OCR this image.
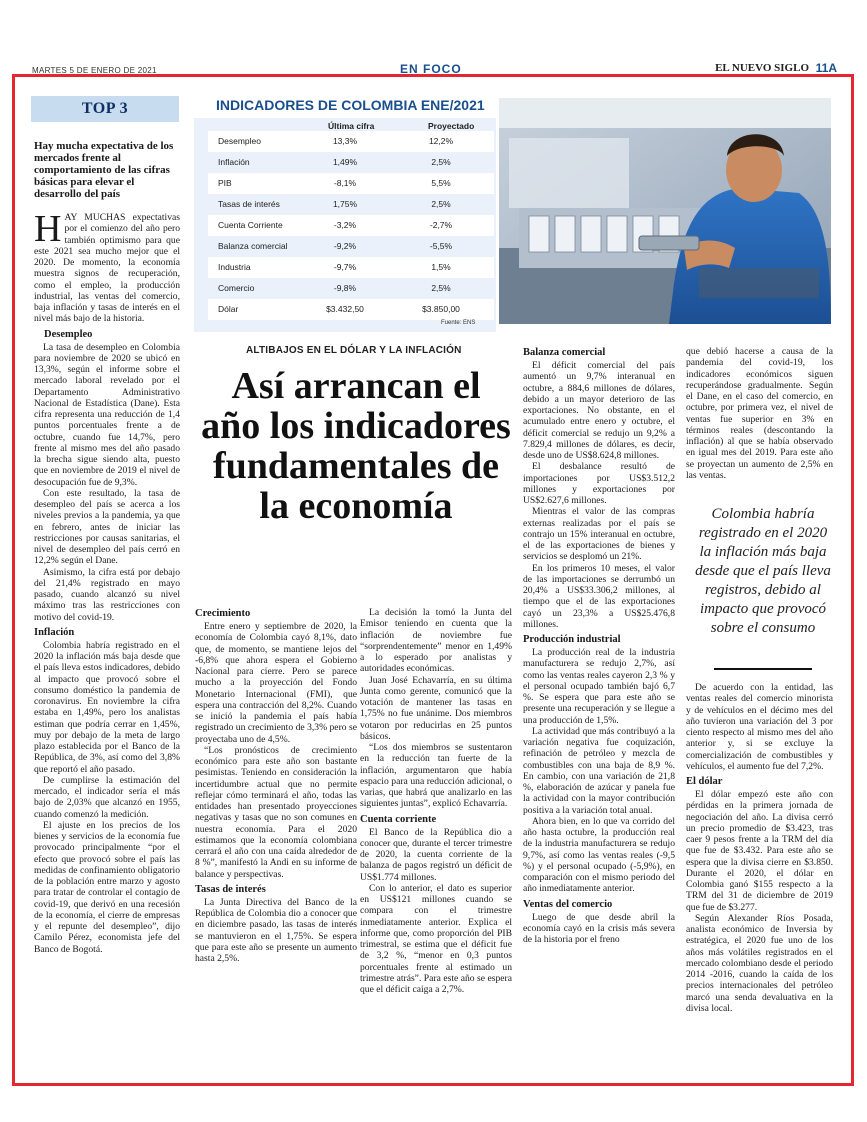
MARTES 5 DE ENERO DE 2021	EN FOCO	EL NUEVO SIGLO 11A
TOP 3
Hay mucha expectativa de los mercados frente al comportamiento de las cifras básicas para elevar el desarrollo del país

HAY MUCHAS expectativas por el comienzo del año pero también optimismo para que este 2021 sea mucho mejor que el 2020. De momento, la economía muestra signos de recuperación, como el empleo, la producción industrial, las ventas del comercio, baja inflación y tasas de interés en el nivel más bajo de la historia.

Desempleo

La tasa de desempleo en Colombia para noviembre de 2020 se ubicó en 13,3%, según el informe sobre el mercado laboral revelado por el Departamento Administrativo Nacional de Estadística (Dane). Esta cifra representa una reducción de 1,4 puntos porcentuales frente a de octubre, cuando fue 14,7%, pero frente al mismo mes del año pasado la brecha sigue siendo alta, puesto que en noviembre de 2019 el nivel de desocupación fue de 9,3%.

Con este resultado, la tasa de desempleo del país se acerca a los niveles previos a la pandemia, ya que en febrero, antes de iniciar las restricciones por causas sanitarias, el nivel de desempleo del país cerró en 12,2% según el Dane.

Asimismo, la cifra está por debajo del 21,4% registrado en mayo pasado, cuando alcanzó su nivel máximo tras las restricciones con motivo del covid-19.

Inflación

Colombia habría registrado en el 2020 la inflación más baja desde que el país lleva estos indicadores, debido al impacto que provocó sobre el consumo doméstico la pandemia de coronavirus. En noviembre la cifra estaba en 1,49%, pero los analistas estiman que podría cerrar en 1,45%, muy por debajo de la meta de largo plazo establecida por el Banco de la República, de 3%, así como del 3,8% que reportó el año pasado.

De cumplirse la estimación del mercado, el indicador sería el más bajo de 2,03% que alcanzó en 1955, cuando comenzó la medición.

El ajuste en los precios de los bienes y servicios de la economía fue provocado principalmente “por el efecto que provocó sobre el país las medidas de confinamiento obligatorio de la población entre marzo y agosto para tratar de controlar el contagio de covid-19, que derivó en una recesión de la economía, el cierre de empresas y el repunte del desempleo”, dijo Camilo Pérez, economista jefe del Banco de Bogotá.

INDICADORES DE COLOMBIA ENE/2021
Última cifra	Proyectado
Desempleo	13,3%	12,2%
Inflación	1,49%	2,5%
PIB	-8,1%	5,5%
Tasas de interés	1,75%	2,5%
Cuenta Corriente	-3,2%	-2,7%
Balanza comercial	-9,2%	-5,5%
Industria	-9,7%	1,5%
Comercio	-9,8%	2,5%
Dólar	$3.432,50	$3.850,00
Fuente: ENS
ALTIBAJOS EN EL DÓLAR Y LA INFLACIÓN
Así arrancan el año los indicadores fundamentales de la economía
Crecimiento

Entre enero y septiembre de 2020, la economía de Colombia cayó 8,1%, dato que, de momento, se mantiene lejos del -6,8% que ahora espera el Gobierno Nacional para cierre. Pero se parece mucho a la proyección del Fondo Monetario Internacional (FMI), que espera una contracción del 8,2%. Cuando se inició la pandemia el país había registrado un crecimiento de 3,3% pero se proyectaba uno de 4,5%.

“Los pronósticos de crecimiento económico para este año son bastante pesimistas. Teniendo en consideración la incertidumbre actual que no permite reflejar cómo terminará el año, todas las entidades han presentado proyecciones negativas y tasas que no son comunes en nuestra economía. Para el 2020 estimamos que la economía colombiana cerrará el año con una caída alrededor de 8 %”, manifestó la Andi en su informe de balance y perspectivas.

Tasas de interés

La Junta Directiva del Banco de la República de Colombia dio a conocer que en diciembre pasado, las tasas de interés se mantuvieron en el 1,75%. Se espera que para este año se presente un aumento hasta 2,5%.

La decisión la tomó la Junta del Emisor teniendo en cuenta que la inflación de noviembre fue “sorprendentemente” menor en 1,49% a lo esperado por analistas y autoridades económicas.

Juan José Echavarría, en su última Junta como gerente, comunicó que la votación de mantener las tasas en 1,75% no fue unánime. Dos miembros votaron por reducirlas en 25 puntos básicos.

“Los dos miembros se sustentaron en la reducción tan fuerte de la inflación, argumentaron que había espacio para una reducción adicional, o varias, que habrá que analizarlo en las siguientes juntas”, explicó Echavarría.

Cuenta corriente

El Banco de la República dio a conocer que, durante el tercer trimestre de 2020, la cuenta corriente de la balanza de pagos registró un déficit de US$1.774 millones.

Con lo anterior, el dato es superior en US$121 millones cuando se compara con el trimestre inmediatamente anterior. Explica el informe que, como proporción del PIB trimestral, se estima que el déficit fue de 3,2 %, “menor en 0,3 puntos porcentuales frente al estimado un trimestre atrás”. Para este año se espera que el déficit caiga a 2,7%.

Balanza comercial

El déficit comercial del país aumentó un 9,7% interanual en octubre, a 884,6 millones de dólares, debido a un mayor deterioro de las exportaciones. No obstante, en el acumulado entre enero y octubre, el déficit comercial se redujo un 9,2% a 7.829,4 millones de dólares, es decir, desde uno de US$8.624,8 millones.

El desbalance resultó de importaciones por US$3.512,2 millones y exportaciones por US$2.627,6 millones.

Mientras el valor de las compras externas realizadas por el país se contrajo un 15% interanual en octubre, el de las exportaciones de bienes y servicios se desplomó un 21%.

En los primeros 10 meses, el valor de las importaciones se derrumbó un 20,4% a US$33.306,2 millones, al tiempo que el de las exportaciones cayó un 23,3% a US$25.476,8 millones.

Producción industrial

La producción real de la industria manufacturera se redujo 2,7%, así como las ventas reales cayeron 2,3 % y el personal ocupado también bajó 6,7 %. Se espera que para este año se presente una recuperación y se llegue a una producción de 1,5%.

La actividad que más contribuyó a la variación negativa fue coquización, refinación de petróleo y mezcla de combustibles con una baja de 8,9 %. En cambio, con una variación de 21,8 %, elaboración de azúcar y panela fue la actividad con la mayor contribución positiva a la variación total anual.

Ahora bien, en lo que va corrido del año hasta octubre, la producción real de la industria manufacturera se redujo 9,7%, así como las ventas reales (-9,5 %) y el personal ocupado (-5,9%), en comparación con el mismo periodo del año inmediatamente anterior.

Ventas del comercio

Luego de que desde abril la economía cayó en la crisis más severa de la historia por el freno

que debió hacerse a causa de la pandemia del covid-19, los indicadores económicos siguen recuperándose gradualmente. Según el Dane, en el caso del comercio, en octubre, por primera vez, el nivel de ventas fue superior en 3% en términos reales (descontando la inflación) al que se había observado en igual mes del 2019. Para este año se proyectan un aumento de 2,5% en las ventas.

Colombia habría registrado en el 2020 la inflación más baja desde que el país lleva registros, debido al impacto que provocó sobre el consumo

De acuerdo con la entidad, las ventas reales del comercio minorista y de vehículos en el décimo mes del año tuvieron una variación del 3 por ciento respecto al mismo mes del año anterior y, si se excluye la comercialización de combustibles y vehículos, el aumento fue del 7,2%.

El dólar

El dólar empezó este año con pérdidas en la primera jornada de negociación del año. La divisa cerró un precio promedio de $3.423, tras caer 9 pesos frente a la TRM del día que fue de $3.432. Para este año se espera que la divisa cierre en $3.850. Durante el 2020, el dólar en Colombia ganó $155 respecto a la TRM del 31 de diciembre de 2019 que fue de $3.277.

Según Alexander Ríos Posada, analista económico de Inversia by estratégica, el 2020 fue uno de los años más volátiles registrados en el mercado colombiano desde el periodo 2014 -2016, cuando la caída de los precios internacionales del petróleo marcó una senda devaluativa en la divisa local.
